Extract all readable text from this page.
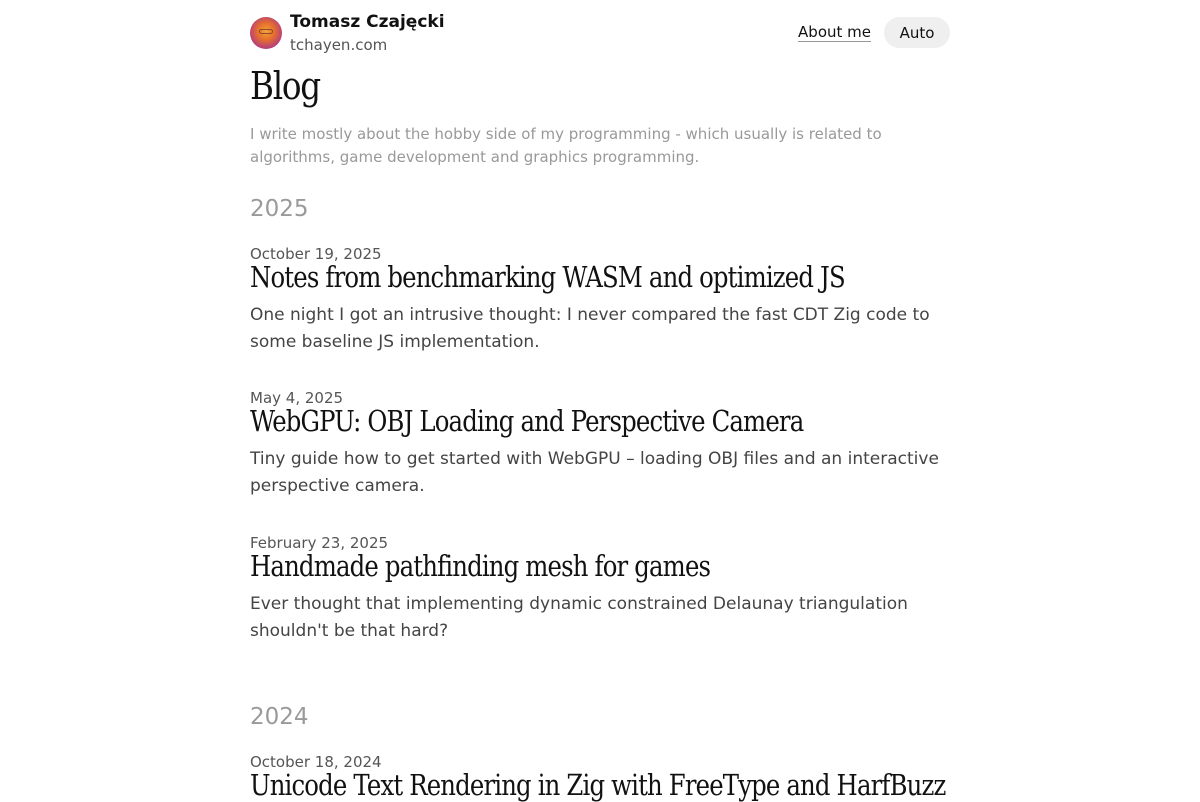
Tomasz Czajęcki
tchayen.com
About me	Auto
Blog

I write mostly about the hobby side of my programming - which usually is related to algorithms, game development and graphics programming.

2025
October 19, 2025
Notes from benchmarking WASM and optimized JS

One night I got an intrusive thought: I never compared the fast CDT Zig code to some baseline JS implementation.

May 4, 2025
WebGPU: OBJ Loading and Perspective Camera

Tiny guide how to get started with WebGPU – loading OBJ files and an interactive perspective camera.

February 23, 2025
Handmade pathfinding mesh for games

Ever thought that implementing dynamic constrained Delaunay triangulation shouldn't be that hard?

2024
October 18, 2024
Unicode Text Rendering in Zig with FreeType and HarfBuzz
